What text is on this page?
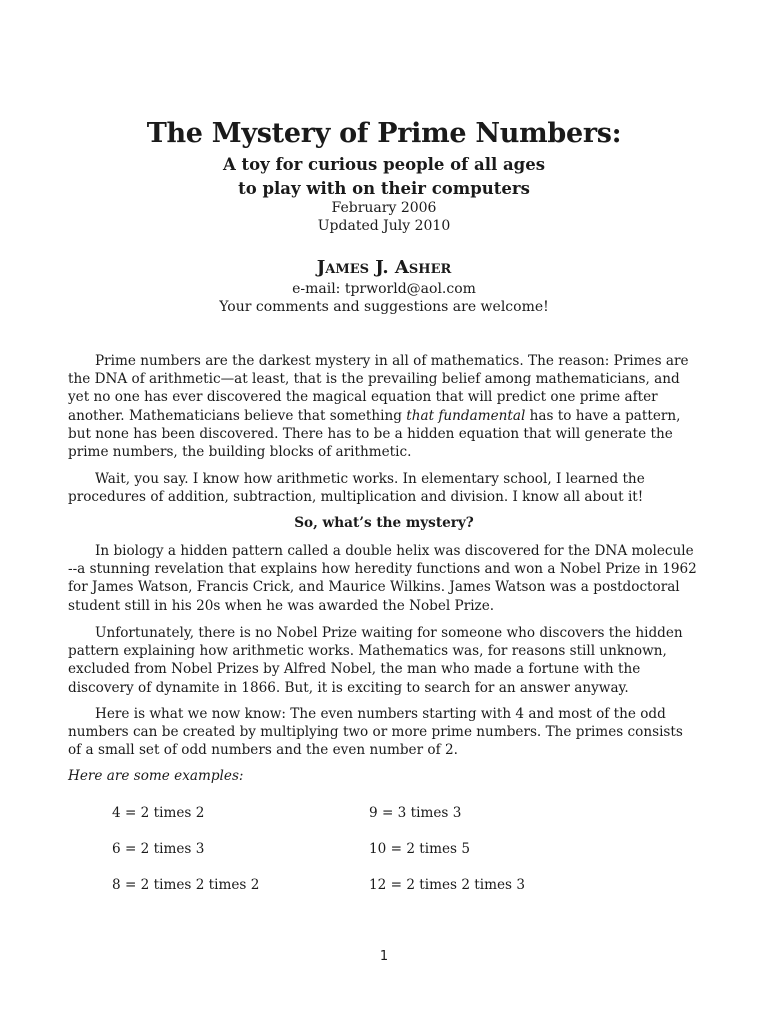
The Mystery of Prime Numbers:

A toy for curious people of all ages

to play with on their computers

February 2006

Updated July 2010

James J. Asher

e-mail: tprworld@aol.com

Your comments and suggestions are welcome!

Prime numbers are the darkest mystery in all of mathematics. The reason: Primes are the DNA of arithmetic—at least, that is the prevailing belief among mathematicians, and yet no one has ever discovered the magical equation that will predict one prime after another. Mathematicians believe that something that fundamental has to have a pattern, but none has been discovered. There has to be a hidden equation that will generate the prime numbers, the building blocks of arithmetic.

Wait, you say. I know how arithmetic works. In elementary school, I learned the procedures of addition, subtraction, multiplication and division. I know all about it!

So, what’s the mystery?

In biology a hidden pattern called a double helix was discovered for the DNA molecule --a stunning revelation that explains how heredity functions and won a Nobel Prize in 1962 for James Watson, Francis Crick, and Maurice Wilkins. James Watson was a postdoctoral student still in his 20s when he was awarded the Nobel Prize.

Unfortunately, there is no Nobel Prize waiting for someone who discovers the hidden pattern explaining how arithmetic works. Mathematics was, for reasons still unknown, excluded from Nobel Prizes by Alfred Nobel, the man who made a fortune with the discovery of dynamite in 1866. But, it is exciting to search for an answer anyway.

Here is what we now know: The even numbers starting with 4 and most of the odd numbers can be created by multiplying two or more prime numbers. The primes consists of a small set of odd numbers and the even number of 2.

Here are some examples:

4 = 2 times 2	9 = 3 times 3

6 = 2 times 3	10 = 2 times 5

8 = 2 times 2 times 2	12 = 2 times 2 times 3

1
